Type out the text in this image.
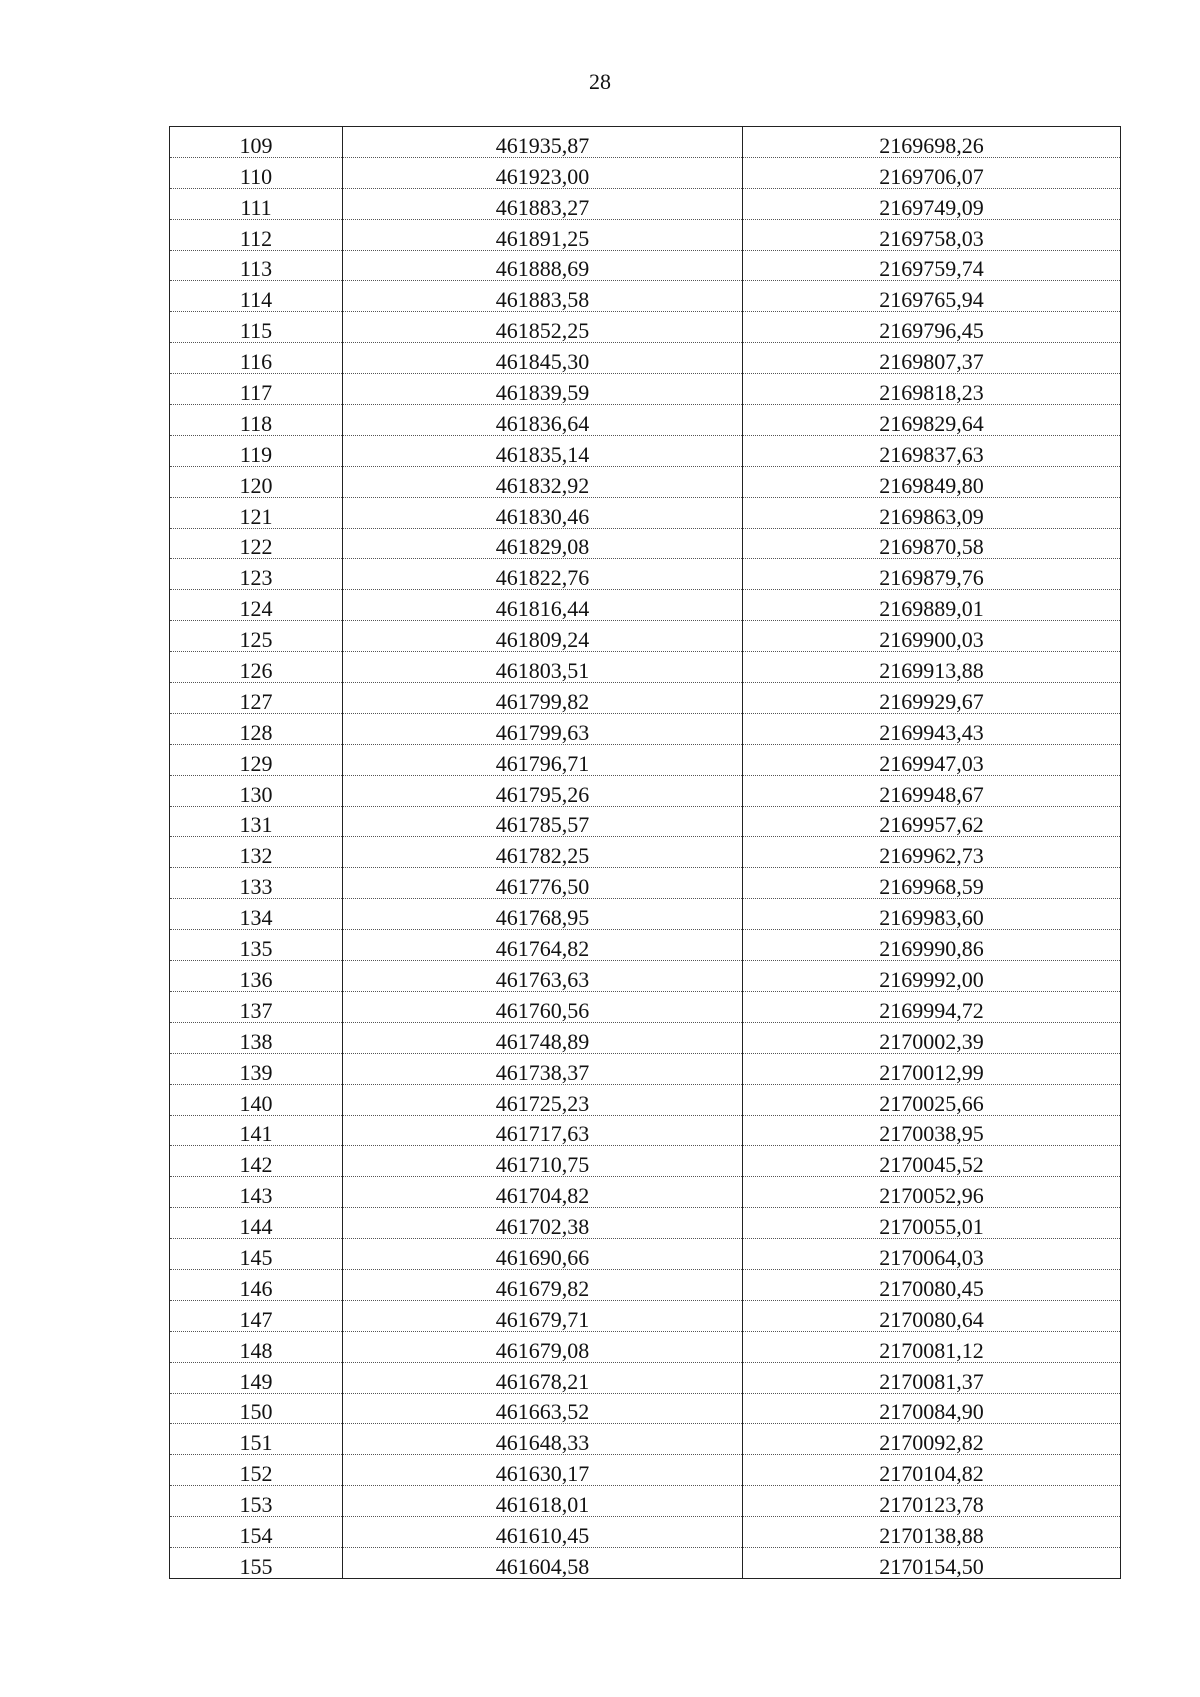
28
109	461935,87	2169698,26
110	461923,00	2169706,07
111	461883,27	2169749,09
112	461891,25	2169758,03
113	461888,69	2169759,74
114	461883,58	2169765,94
115	461852,25	2169796,45
116	461845,30	2169807,37
117	461839,59	2169818,23
118	461836,64	2169829,64
119	461835,14	2169837,63
120	461832,92	2169849,80
121	461830,46	2169863,09
122	461829,08	2169870,58
123	461822,76	2169879,76
124	461816,44	2169889,01
125	461809,24	2169900,03
126	461803,51	2169913,88
127	461799,82	2169929,67
128	461799,63	2169943,43
129	461796,71	2169947,03
130	461795,26	2169948,67
131	461785,57	2169957,62
132	461782,25	2169962,73
133	461776,50	2169968,59
134	461768,95	2169983,60
135	461764,82	2169990,86
136	461763,63	2169992,00
137	461760,56	2169994,72
138	461748,89	2170002,39
139	461738,37	2170012,99
140	461725,23	2170025,66
141	461717,63	2170038,95
142	461710,75	2170045,52
143	461704,82	2170052,96
144	461702,38	2170055,01
145	461690,66	2170064,03
146	461679,82	2170080,45
147	461679,71	2170080,64
148	461679,08	2170081,12
149	461678,21	2170081,37
150	461663,52	2170084,90
151	461648,33	2170092,82
152	461630,17	2170104,82
153	461618,01	2170123,78
154	461610,45	2170138,88
155	461604,58	2170154,50
